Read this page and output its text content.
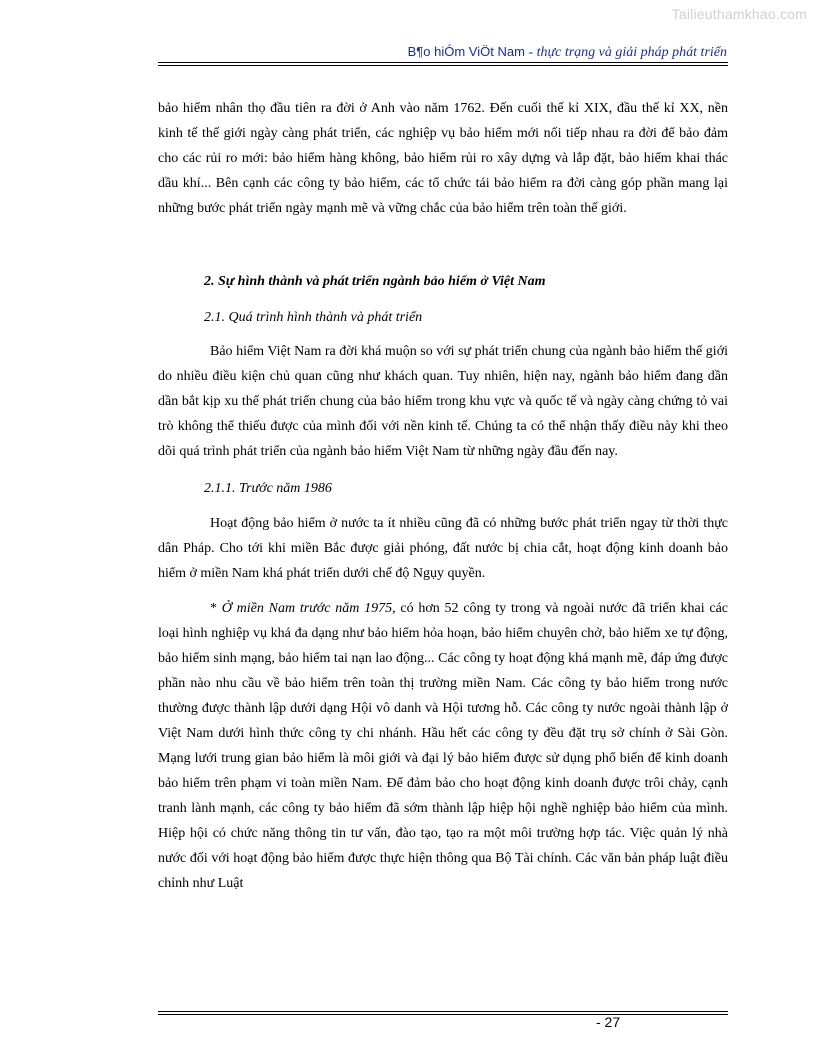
Tailieuthamkhao.com
B¶o hiÓm ViÖt Nam - thực trạng và giải pháp phát triển

bảo hiểm nhân thọ đầu tiên ra đời ở Anh vào năm 1762. Đến cuối thế kỉ XIX, đầu thế kỉ XX, nền kinh tế thế giới ngày càng phát triển, các nghiệp vụ bảo hiểm mới nối tiếp nhau ra đời để bảo đảm cho các rủi ro mới: bảo hiểm hàng không, bảo hiểm rủi ro xây dựng và lắp đặt, bảo hiểm khai thác dầu khí... Bên cạnh các công ty bảo hiểm, các tổ chức tái bảo hiểm ra đời càng góp phần mang lại những bước phát triển ngày mạnh mẽ và vững chắc của bảo hiểm trên toàn thế giới.

2. Sự hình thành và phát triển ngành bảo hiểm ở Việt Nam

2.1. Quá trình hình thành và phát triển

Bảo hiểm Việt Nam ra đời khá muộn so với sự phát triển chung của ngành bảo hiểm thế giới do nhiều điều kiện chủ quan cũng như khách quan. Tuy nhiên, hiện nay, ngành bảo hiểm đang dần dần bắt kịp xu thế phát triển chung của bảo hiểm trong khu vực và quốc tế và ngày càng chứng tỏ vai trò không thể thiếu được của mình đối với nền kinh tế. Chúng ta có thể nhận thấy điều này khi theo dõi quá trình phát triển của ngành bảo hiểm Việt Nam từ những ngày đầu đến nay.

2.1.1. Trước năm 1986

Hoạt động bảo hiểm ở nước ta ít nhiều cũng đã có những bước phát triển ngay từ thời thực dân Pháp. Cho tới khi miền Bắc được giải phóng, đất nước bị chia cắt, hoạt động kinh doanh bảo hiểm ở miền Nam khá phát triển dưới chế độ Ngụy quyền.

* Ở miền Nam trước năm 1975, có hơn 52 công ty trong và ngoài nước đã triển khai các loại hình nghiệp vụ khá đa dạng như bảo hiểm hỏa hoạn, bảo hiểm chuyên chở, bảo hiểm xe tự động, bảo hiểm sinh mạng, bảo hiểm tai nạn lao động... Các công ty hoạt động khá mạnh mẽ, đáp ứng được phần nào nhu cầu về bảo hiểm trên toàn thị trường miền Nam. Các công ty bảo hiểm trong nước thường được thành lập dưới dạng Hội vô danh và Hội tương hỗ. Các công ty nước ngoài thành lập ở Việt Nam dưới hình thức công ty chi nhánh. Hầu hết các công ty đều đặt trụ sở chính ở Sài Gòn. Mạng lưới trung gian bảo hiểm là môi giới và đại lý bảo hiểm được sử dụng phổ biến để kinh doanh bảo hiểm trên phạm vi toàn miền Nam. Để đảm bảo cho hoạt động kinh doanh được trôi chảy, cạnh tranh lành mạnh, các công ty bảo hiểm đã sớm thành lập hiệp hội nghề nghiệp bảo hiểm của mình. Hiệp hội có chức năng thông tin tư vấn, đào tạo, tạo ra một môi trường hợp tác. Việc quản lý nhà nước đối với hoạt động bảo hiểm được thực hiện thông qua Bộ Tài chính. Các văn bản pháp luật điều chỉnh như Luật

- 27
